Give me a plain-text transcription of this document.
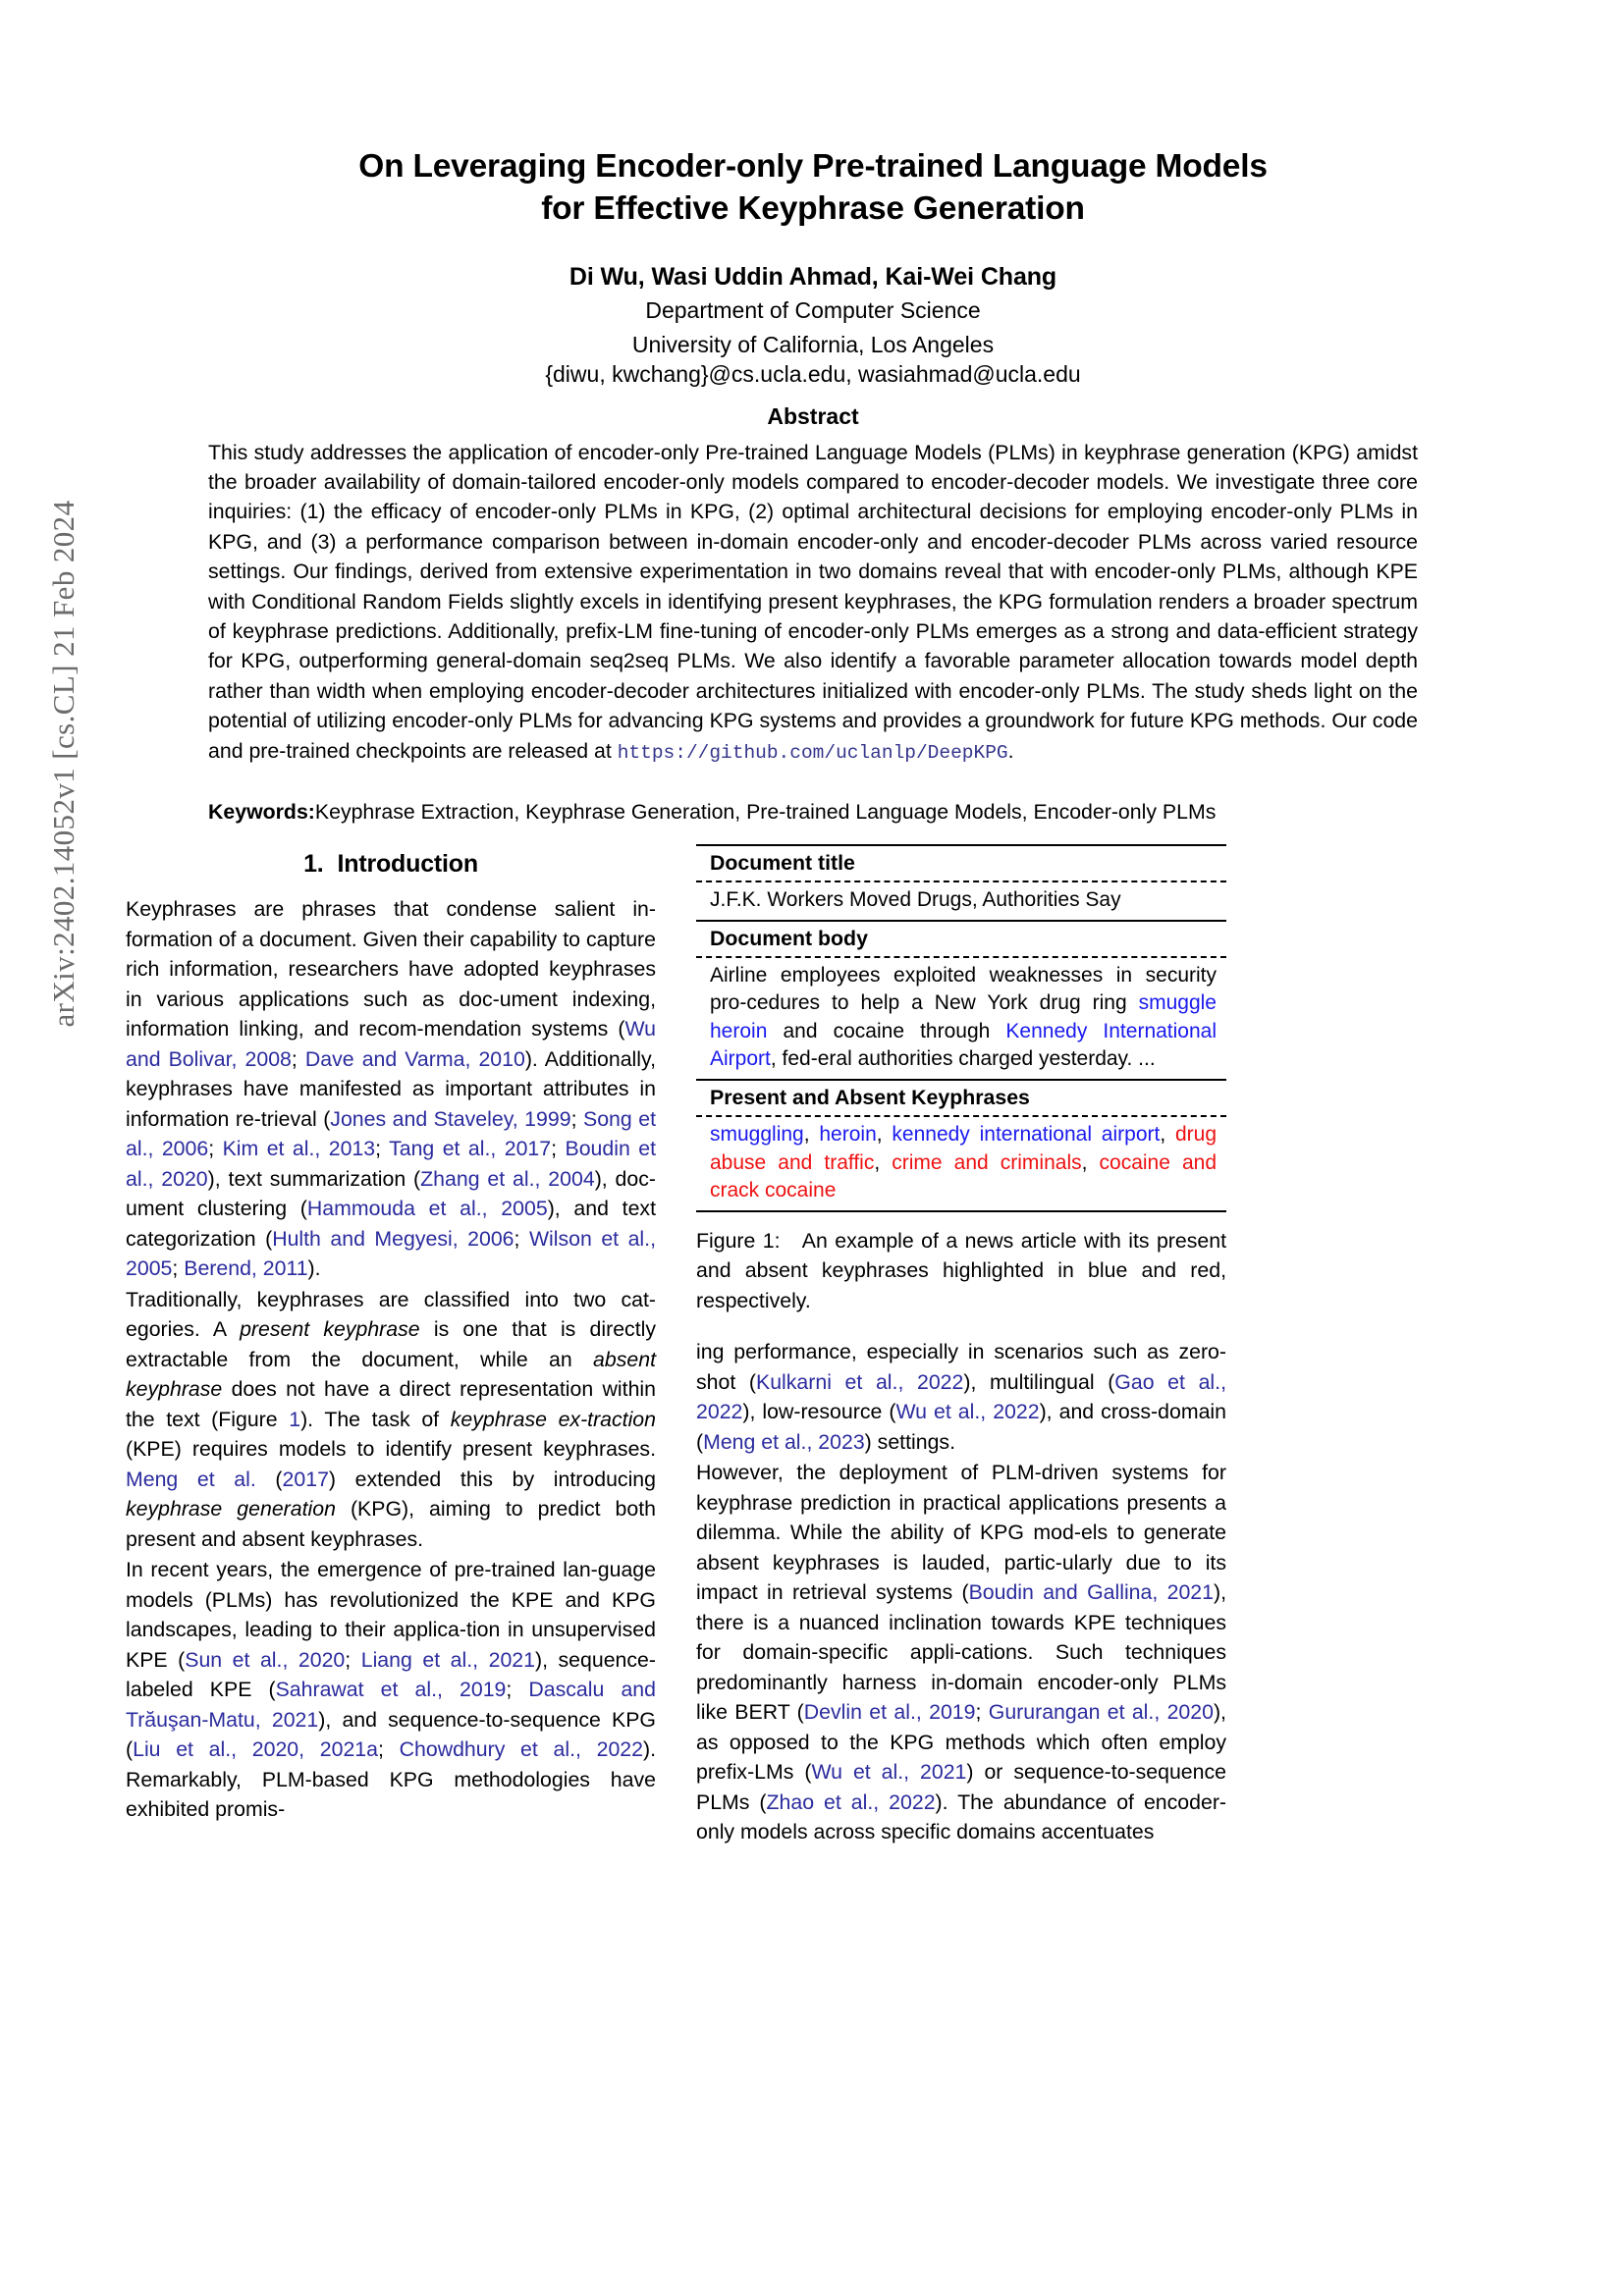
arXiv:2402.14052v1 [cs.CL] 21 Feb 2024
On Leveraging Encoder-only Pre-trained Language Models
for Effective Keyphrase Generation
Di Wu, Wasi Uddin Ahmad, Kai-Wei Chang
Department of Computer Science
University of California, Los Angeles
{diwu, kwchang}@cs.ucla.edu, wasiahmad@ucla.edu
Abstract
This study addresses the application of encoder-only Pre-trained Language Models (PLMs) in keyphrase generation (KPG) amidst the broader availability of domain-tailored encoder-only models compared to encoder-decoder models. We investigate three core inquiries: (1) the efficacy of encoder-only PLMs in KPG, (2) optimal architectural decisions for employing encoder-only PLMs in KPG, and (3) a performance comparison between in-domain encoder-only and encoder-decoder PLMs across varied resource settings. Our findings, derived from extensive experimentation in two domains reveal that with encoder-only PLMs, although KPE with Conditional Random Fields slightly excels in identifying present keyphrases, the KPG formulation renders a broader spectrum of keyphrase predictions. Additionally, prefix-LM fine-tuning of encoder-only PLMs emerges as a strong and data-efficient strategy for KPG, outperforming general-domain seq2seq PLMs. We also identify a favorable parameter allocation towards model depth rather than width when employing encoder-decoder architectures initialized with encoder-only PLMs. The study sheds light on the potential of utilizing encoder-only PLMs for advancing KPG systems and provides a groundwork for future KPG methods. Our code and pre-trained checkpoints are released at https://github.com/uclanlp/DeepKPG.
Keywords:Keyphrase Extraction, Keyphrase Generation, Pre-trained Language Models, Encoder-only PLMs
1. Introduction

Keyphrases are phrases that condense salient in-formation of a document. Given their capability to capture rich information, researchers have adopted keyphrases in various applications such as doc-ument indexing, information linking, and recom-mendation systems (Wu and Bolivar, 2008; Dave and Varma, 2010). Additionally, keyphrases have manifested as important attributes in information re-trieval (Jones and Staveley, 1999; Song et al., 2006; Kim et al., 2013; Tang et al., 2017; Boudin et al., 2020), text summarization (Zhang et al., 2004), doc-ument clustering (Hammouda et al., 2005), and text categorization (Hulth and Megyesi, 2006; Wilson et al., 2005; Berend, 2011).

Traditionally, keyphrases are classified into two cat-egories. A present keyphrase is one that is directly extractable from the document, while an absent keyphrase does not have a direct representation within the text (Figure 1). The task of keyphrase ex-traction (KPE) requires models to identify present keyphrases. Meng et al. (2017) extended this by introducing keyphrase generation (KPG), aiming to predict both present and absent keyphrases.

In recent years, the emergence of pre-trained lan-guage models (PLMs) has revolutionized the KPE and KPG landscapes, leading to their applica-tion in unsupervised KPE (Sun et al., 2020; Liang et al., 2021), sequence-labeled KPE (Sahrawat et al., 2019; Dascalu and Trăuşan-Matu, 2021), and sequence-to-sequence KPG (Liu et al., 2020, 2021a; Chowdhury et al., 2022). Remarkably, PLM-based KPG methodologies have exhibited promis-

Document title
J.F.K. Workers Moved Drugs, Authorities Say
Document body
Airline employees exploited weaknesses in security pro-cedures to help a New York drug ring smuggle heroin and cocaine through Kennedy International Airport, fed-eral authorities charged yesterday. ...
Present and Absent Keyphrases
smuggling, heroin, kennedy international airport, drug abuse and traffic, crime and criminals, cocaine and crack cocaine
Figure 1: An example of a news article with its present and absent keyphrases highlighted in blue and red, respectively.

ing performance, especially in scenarios such as zero-shot (Kulkarni et al., 2022), multilingual (Gao et al., 2022), low-resource (Wu et al., 2022), and cross-domain (Meng et al., 2023) settings.

However, the deployment of PLM-driven systems for keyphrase prediction in practical applications presents a dilemma. While the ability of KPG mod-els to generate absent keyphrases is lauded, partic-ularly due to its impact in retrieval systems (Boudin and Gallina, 2021), there is a nuanced inclination towards KPE techniques for domain-specific appli-cations. Such techniques predominantly harness in-domain encoder-only PLMs like BERT (Devlin et al., 2019; Gururangan et al., 2020), as opposed to the KPG methods which often employ prefix-LMs (Wu et al., 2021) or sequence-to-sequence PLMs (Zhao et al., 2022). The abundance of encoder-only models across specific domains accentuates
